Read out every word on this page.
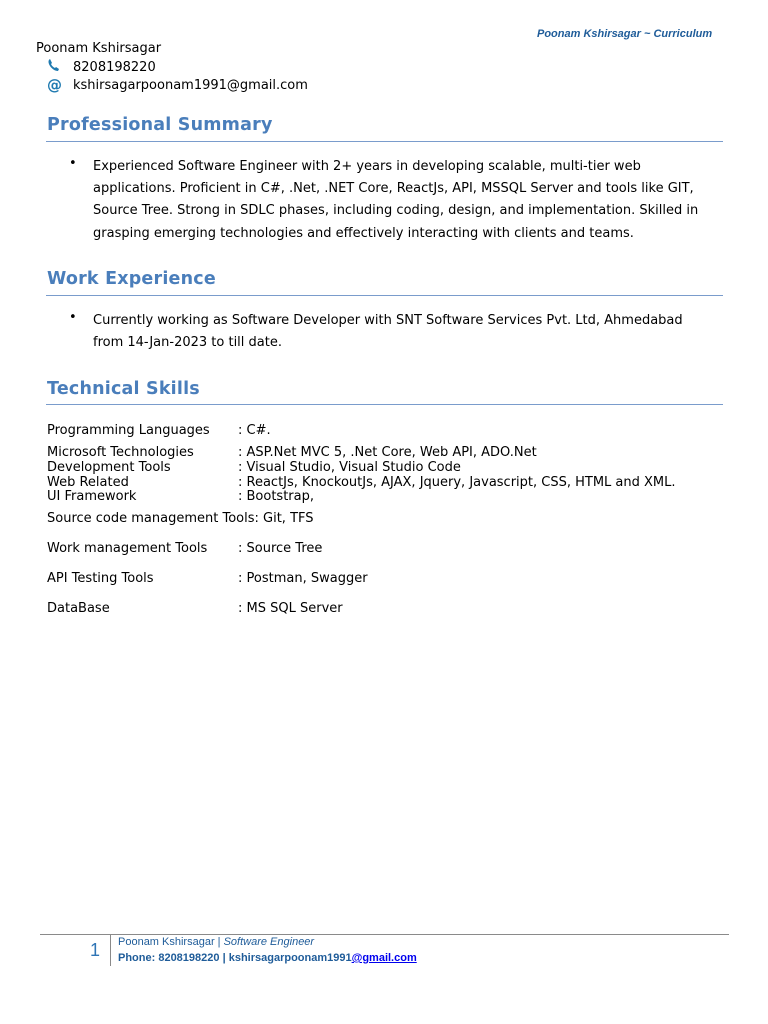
Poonam Kshirsagar ~ Curriculum
Poonam Kshirsagar
8208198220
@ kshirsagarpoonam1991@gmail.com
Professional Summary
• Experienced Software Engineer with 2+ years in developing scalable, multi-tier web applications. Proficient in C#, .Net, .NET Core, ReactJs, API, MSSQL Server and tools like GIT, Source Tree. Strong in SDLC phases, including coding, design, and implementation. Skilled in grasping emerging technologies and effectively interacting with clients and teams.
Work Experience
• Currently working as Software Developer with SNT Software Services Pvt. Ltd, Ahmedabad from 14-Jan-2023 to till date.
Technical Skills
Programming Languages : C#.
Microsoft Technologies	: ASP.Net MVC 5, .Net Core, Web API, ADO.Net
Development Tools	: Visual Studio, Visual Studio Code
Web Related	: ReactJs, KnockoutJs, AJAX, Jquery, Javascript, CSS, HTML and XML.
UI Framework	: Bootstrap,
Source code management Tools: Git, TFS
Work management Tools : Source Tree
API Testing Tools	: Postman, Swagger
DataBase	: MS SQL Server
1 Poonam Kshirsagar | Software Engineer
Phone: 8208198220 | kshirsagarpoonam1991@gmail.com
